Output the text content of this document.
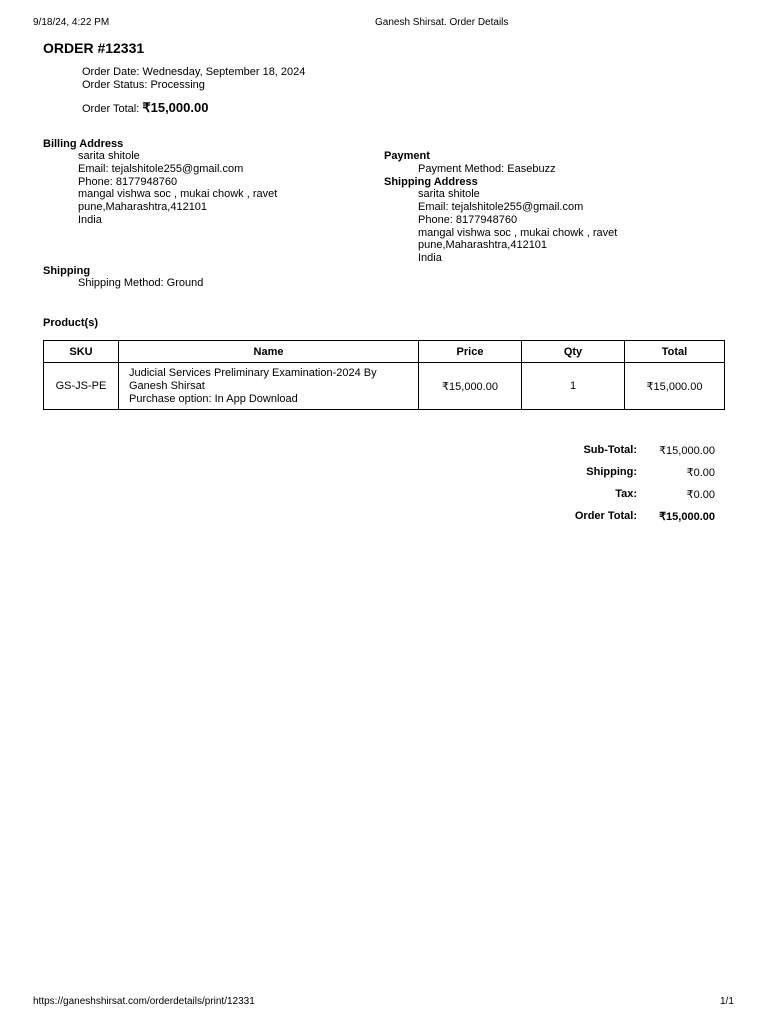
9/18/24, 4:22 PM	Ganesh Shirsat. Order Details
ORDER #12331
Order Date: Wednesday, September 18, 2024
Order Status: Processing
Order Total: ₹15,000.00
Billing Address
sarita shitole
Email: tejalshitole255@gmail.com
Phone: 8177948760
mangal vishwa soc , mukai chowk , ravet
pune,Maharashtra,412101
India
Payment
Payment Method: Easebuzz
Shipping Address
sarita shitole
Email: tejalshitole255@gmail.com
Phone: 8177948760
mangal vishwa soc , mukai chowk , ravet
pune,Maharashtra,412101
India
Shipping
Shipping Method: Ground
Product(s)
SKU	Name	Price	Qty	Total
GS-JS-PE	Judicial Services Preliminary Examination-2024 By
Ganesh Shirsat
Purchase option: In App Download	₹15,000.00	1	₹15,000.00
Sub-Total: ₹15,000.00
Shipping:	₹0.00
Tax:	₹0.00
Order Total: ₹15,000.00
https://ganeshshirsat.com/orderdetails/print/12331	1/1
